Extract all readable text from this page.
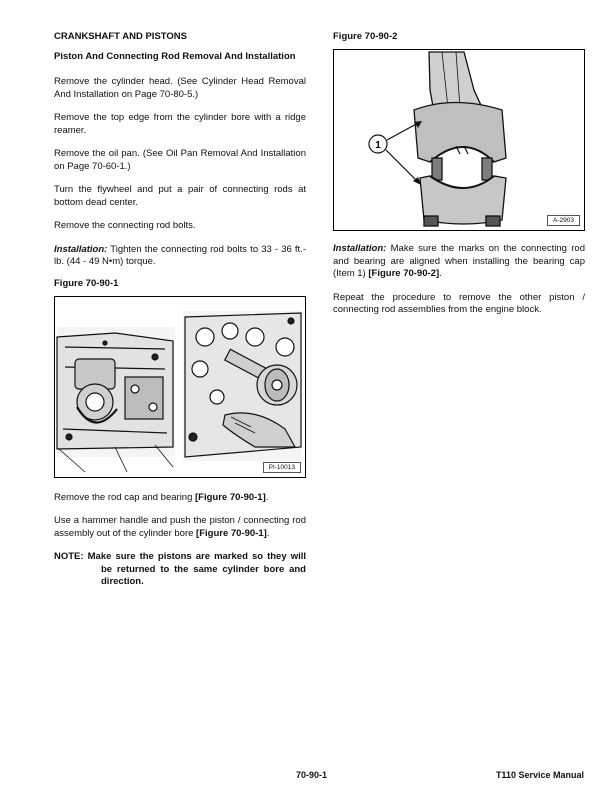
CRANKSHAFT AND PISTONS
Piston And Connecting Rod Removal And Installation

Remove the cylinder head. (See Cylinder Head Removal And Installation on Page 70-80-5.)

Remove the top edge from the cylinder bore with a ridge reamer.

Remove the oil pan. (See Oil Pan Removal And Installation on Page 70-60-1.)

Turn the flywheel and put a pair of connecting rods at bottom dead center.

Remove the connecting rod bolts.

Installation: Tighten the connecting rod bolts to 33 - 36 ft.-lb. (44 - 49 N•m) torque.

Figure 70-90-1
PI-10013

Remove the rod cap and bearing [Figure 70-90-1].

Use a hammer handle and push the piston / connecting rod assembly out of the cylinder bore [Figure 70-90-1].

NOTE: Make sure the pistons are marked so they will be returned to the same cylinder bore and direction.

Figure 70-90-2
1
A-2903

Installation: Make sure the marks on the connecting rod and bearing are aligned when installing the bearing cap (Item 1) [Figure 70-90-2].

Repeat the procedure to remove the other piston / connecting rod assemblies from the engine block.

70-90-1	T110 Service Manual
